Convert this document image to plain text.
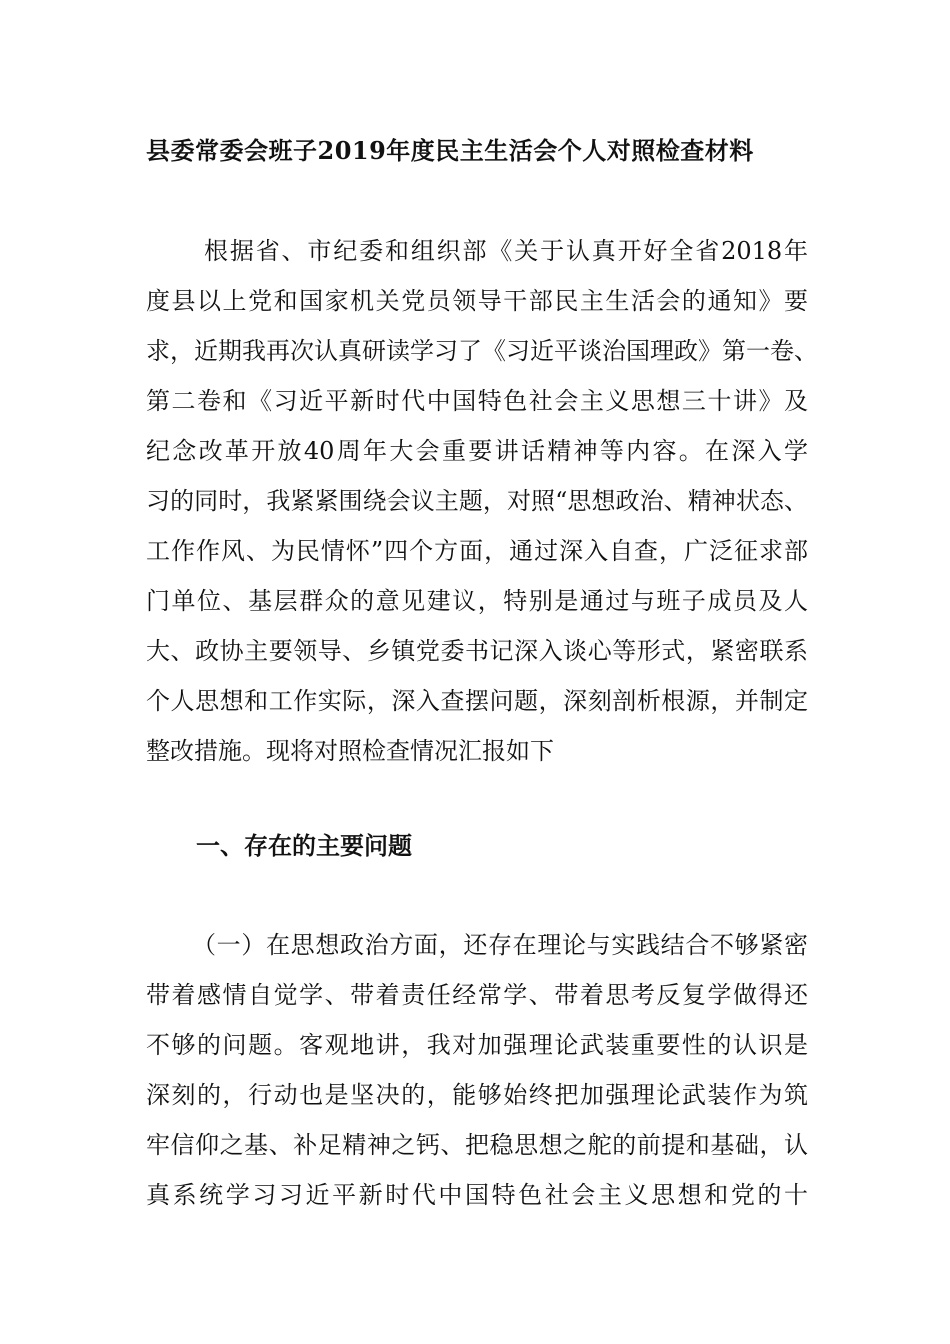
县委常委会班子2019年度民主生活会个人对照检查材料
根据省、市纪委和组织部《关于认真开好全省2018年
度县以上党和国家机关党员领导干部民主生活会的通知》要
求，近期我再次认真研读学习了《习近平谈治国理政》第一卷、
第二卷和《习近平新时代中国特色社会主义思想三十讲》及
纪念改革开放40周年大会重要讲话精神等内容。在深入学
习的同时，我紧紧围绕会议主题，对照“思想政治、精神状态、
工作作风、为民情怀”四个方面，通过深入自查，广泛征求部
门单位、基层群众的意见建议，特别是通过与班子成员及人
大、政协主要领导、乡镇党委书记深入谈心等形式，紧密联系
个人思想和工作实际，深入查摆问题，深刻剖析根源，并制定
整改措施。现将对照检查情况汇报如下
一、存在的主要问题
（一）在思想政治方面，还存在理论与实践结合不够紧密
带着感情自觉学、带着责任经常学、带着思考反复学做得还
不够的问题。客观地讲，我对加强理论武装重要性的认识是
深刻的，行动也是坚决的，能够始终把加强理论武装作为筑
牢信仰之基、补足精神之钙、把稳思想之舵的前提和基础，认
真系统学习习近平新时代中国特色社会主义思想和党的十
